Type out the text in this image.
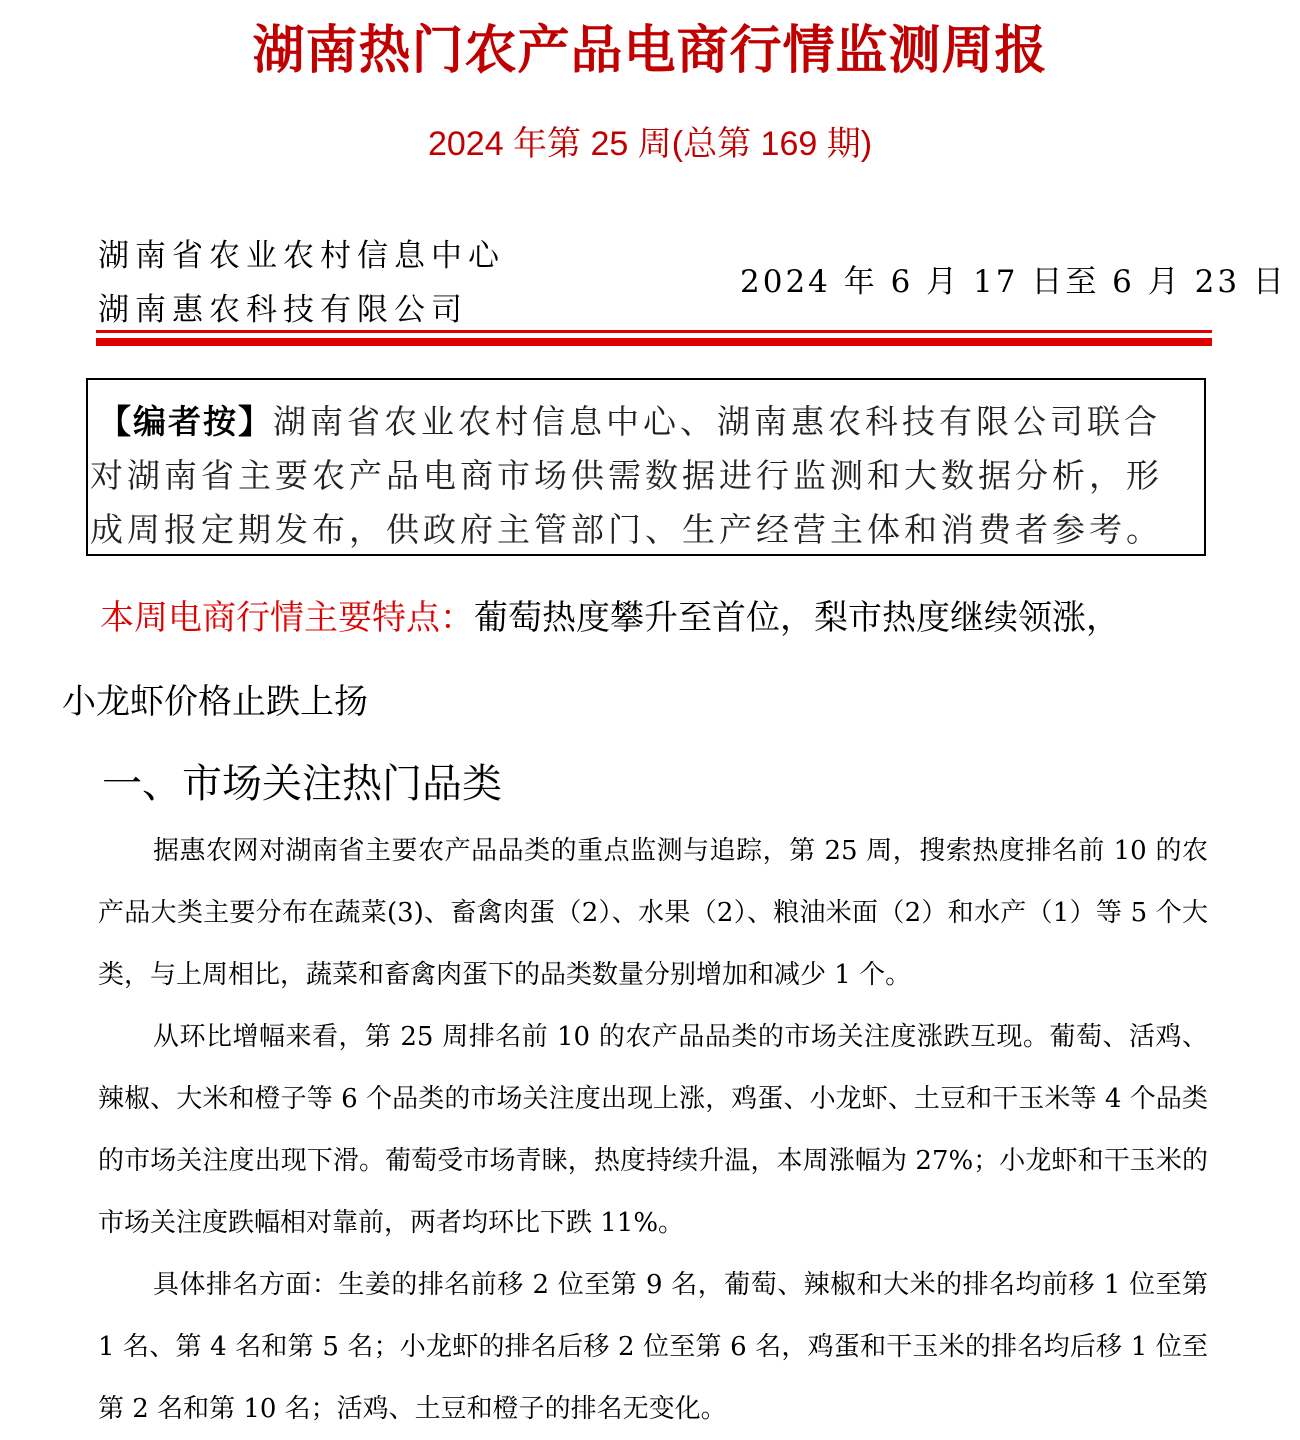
湖南热门农产品电商行情监测周报
2024 年第 25 周(总第 169 期)
湖南省农业农村信息中心
湖南惠农科技有限公司
2024 年 6 月 17 日至 6 月 23 日
【编者按】湖南省农业农村信息中心、湖南惠农科技有限公司联合
对湖南省主要农产品电商市场供需数据进行监测和大数据分析，形
成周报定期发布，供政府主管部门、生产经营主体和消费者参考。
本周电商行情主要特点：葡萄热度攀升至首位，梨市热度继续领涨，
小龙虾价格止跌上扬
一、市场关注热门品类

据惠农网对湖南省主要农产品品类的重点监测与追踪，第 25 周，搜索热度排名前 10 的农产品大类主要分布在蔬菜(3)、畜禽肉蛋（2）、水果（2）、粮油米面（2）和水产（1）等 5 个大类，与上周相比，蔬菜和畜禽肉蛋下的品类数量分别增加和减少 1 个。

从环比增幅来看，第 25 周排名前 10 的农产品品类的市场关注度涨跌互现。葡萄、活鸡、辣椒、大米和橙子等 6 个品类的市场关注度出现上涨，鸡蛋、小龙虾、土豆和干玉米等 4 个品类的市场关注度出现下滑。葡萄受市场青睐，热度持续升温，本周涨幅为 27%；小龙虾和干玉米的市场关注度跌幅相对靠前，两者均环比下跌 11%。

具体排名方面：生姜的排名前移 2 位至第 9 名，葡萄、辣椒和大米的排名均前移 1 位至第 1 名、第 4 名和第 5 名；小龙虾的排名后移 2 位至第 6 名，鸡蛋和干玉米的排名均后移 1 位至第 2 名和第 10 名；活鸡、土豆和橙子的排名无变化。
